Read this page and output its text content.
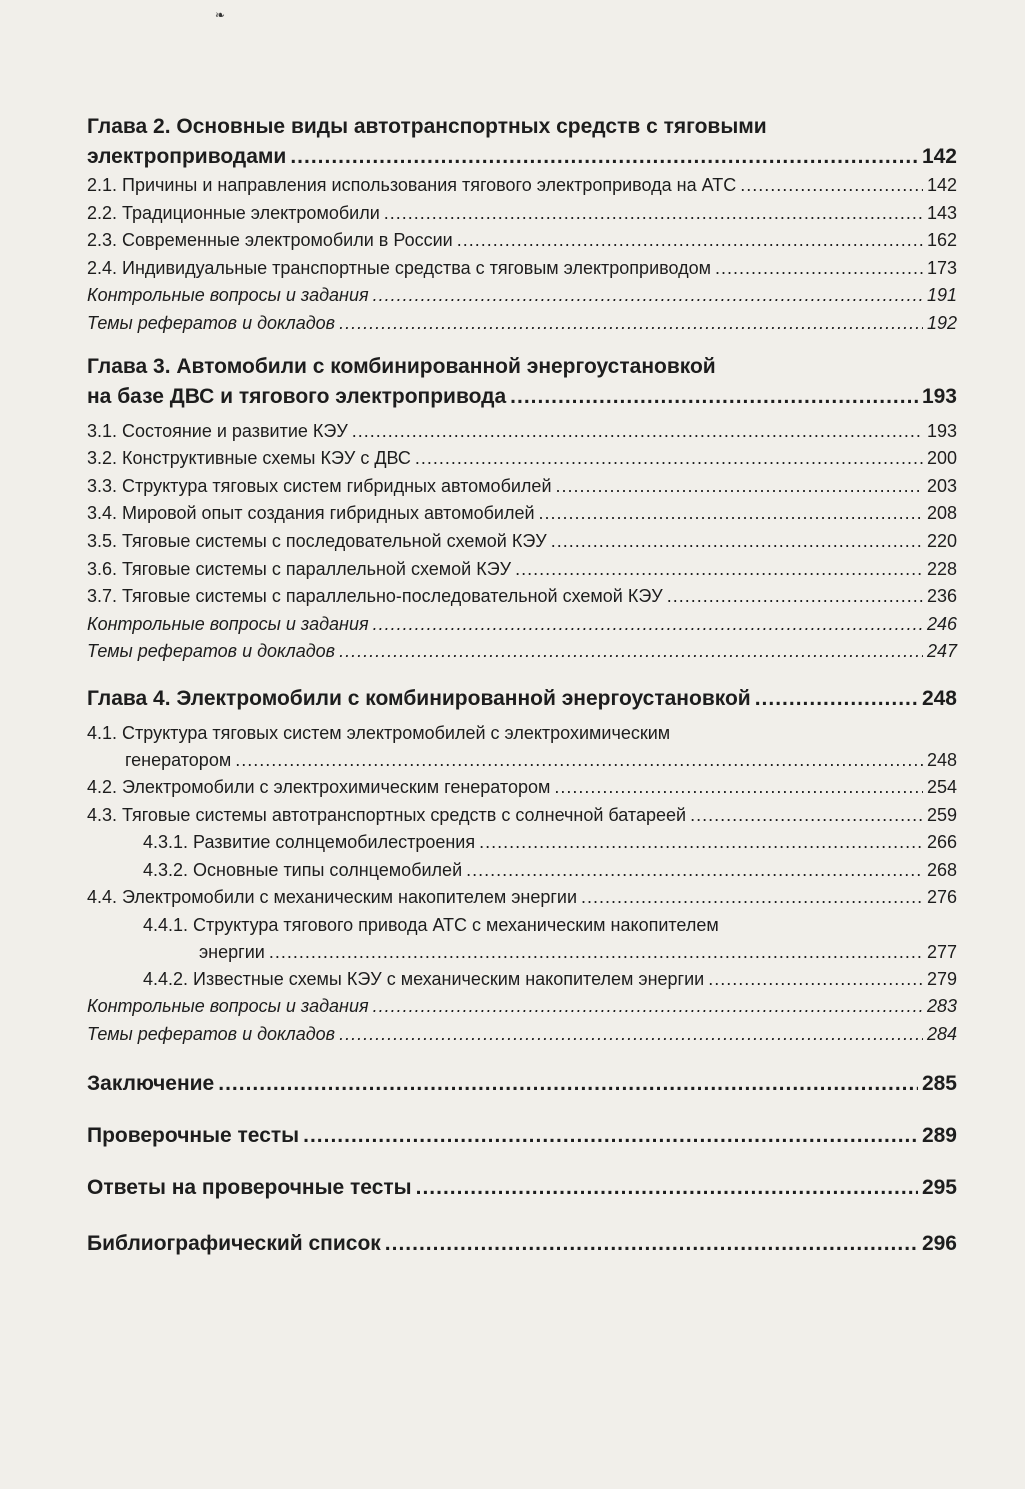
❧
Глава 2. Основные виды автотранспортных средств с тяговыми
электроприводами .....	142
2.1. Причины и направления использования тягового электропривода на АТС .....	142
2.2. Традиционные электромобили .....	143
2.3. Современные электромобили в России .....	162
2.4. Индивидуальные транспортные средства с тяговым электроприводом .....	173
Контрольные вопросы и задания .....	191
Темы рефератов и докладов .....	192
Глава 3. Автомобили с комбинированной энергоустановкой
на базе ДВС и тягового электропривода .....	193
3.1. Состояние и развитие КЭУ .....	193
3.2. Конструктивные схемы КЭУ с ДВС .....	200
3.3. Структура тяговых систем гибридных автомобилей .....	203
3.4. Мировой опыт создания гибридных автомобилей .....	208
3.5. Тяговые системы с последовательной схемой КЭУ .....	220
3.6. Тяговые системы с параллельной схемой КЭУ .....	228
3.7. Тяговые системы с параллельно-последовательной схемой КЭУ .....	236
Контрольные вопросы и задания .....	246
Темы рефератов и докладов .....	247
Глава 4. Электромобили с комбинированной энергоустановкой .....	248
4.1. Структура тяговых систем электромобилей с электрохимическим
генератором .....	248
4.2. Электромобили с электрохимическим генератором .....	254
4.3. Тяговые системы автотранспортных средств с солнечной батареей .....	259
4.3.1. Развитие солнцемобилестроения .....	266
4.3.2. Основные типы солнцемобилей .....	268
4.4. Электромобили с механическим накопителем энергии .....	276
4.4.1. Структура тягового привода АТС с механическим накопителем
энергии .....	277
4.4.2. Известные схемы КЭУ с механическим накопителем энергии .....	279
Контрольные вопросы и задания .....	283
Темы рефератов и докладов .....	284
Заключение .....	285
Проверочные тесты .....	289
Ответы на проверочные тесты .....	295
Библиографический список .....	296
